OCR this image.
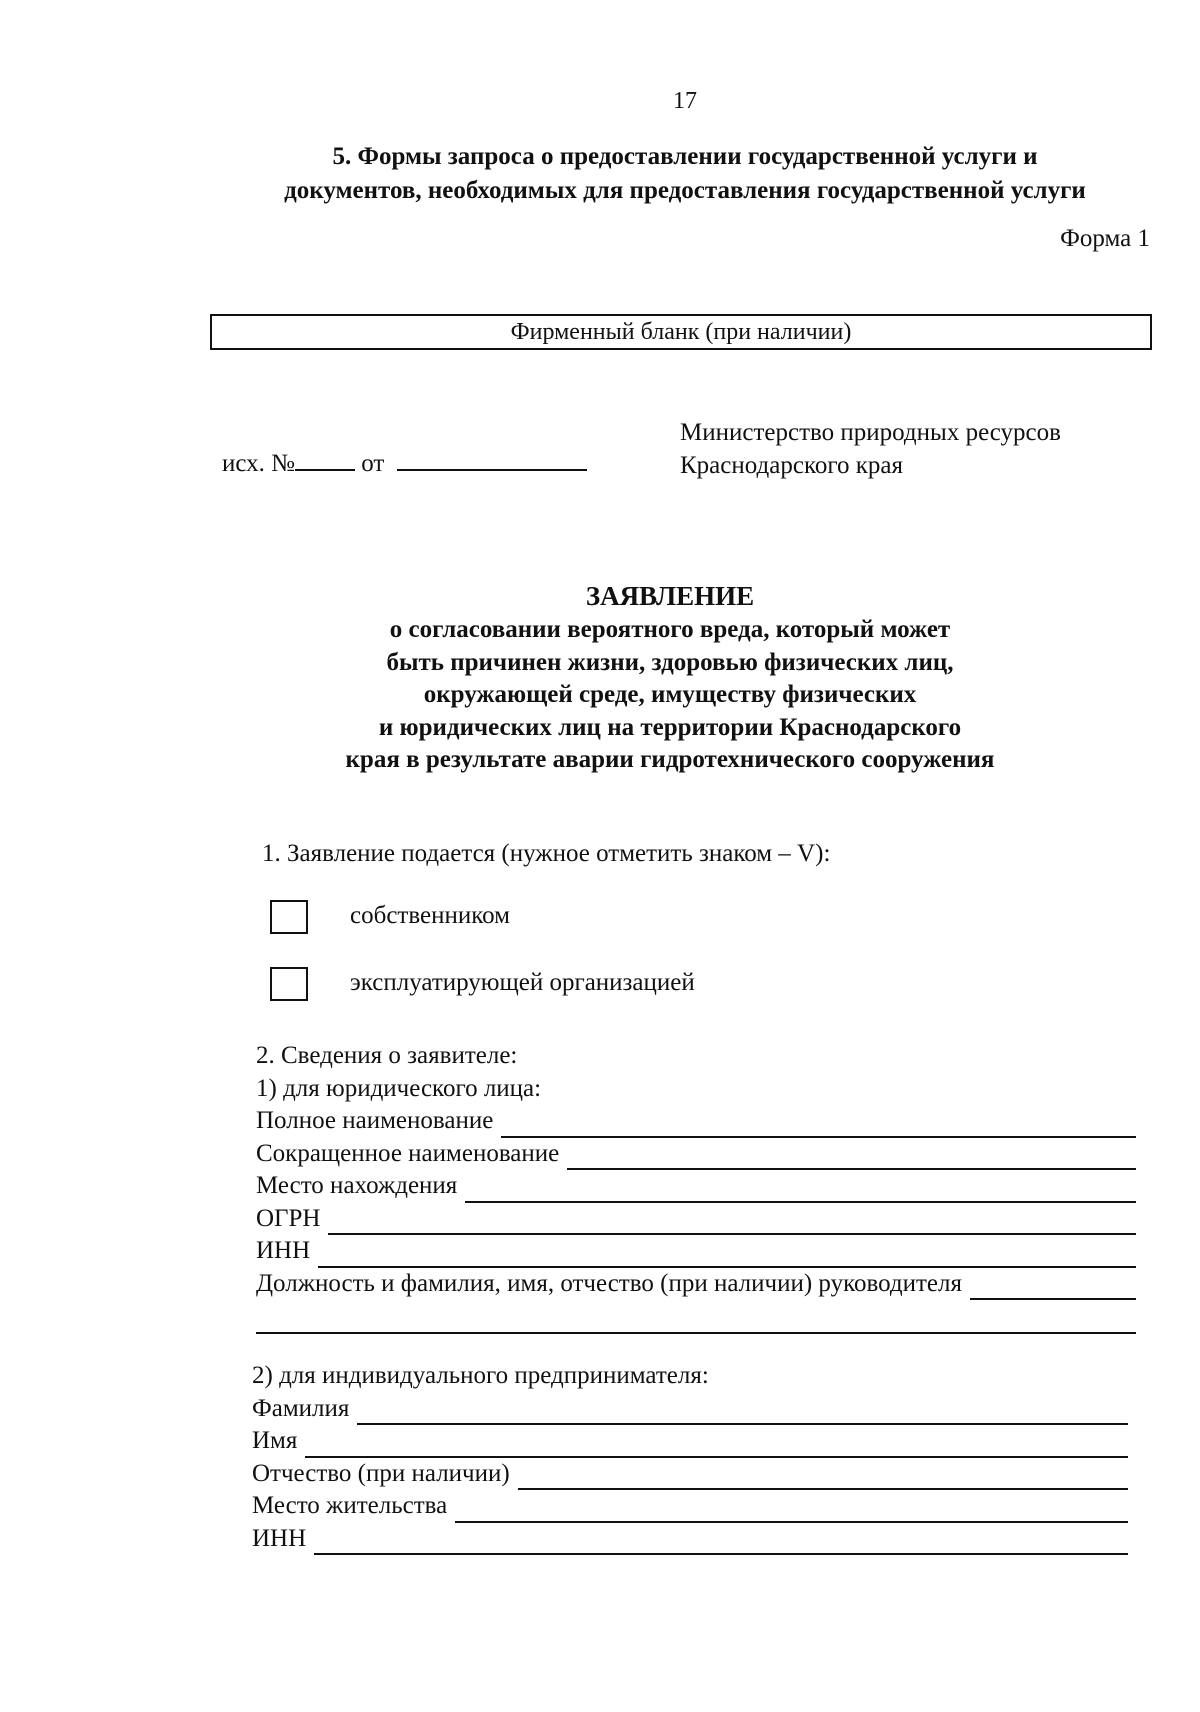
17
5. Формы запроса о предоставлении государственной услуги и
документов, необходимых для предоставления государственной услуги
Форма 1
Фирменный бланк (при наличии)
исх. №	от
Министерство природных ресурсов
Краснодарского края
ЗАЯВЛЕНИЕ
о согласовании вероятного вреда, который может
быть причинен жизни, здоровью физических лиц,
окружающей среде, имуществу физических
и юридических лиц на территории Краснодарского
края в результате аварии гидротехнического сооружения
1. Заявление подается (нужное отметить знаком – V):
собственником
эксплуатирующей организацией
2. Сведения о заявителе:
1) для юридического лица:
Полное наименование
Сокращенное наименование
Место нахождения
ОГРН
ИНН
Должность и фамилия, имя, отчество (при наличии) руководителя
2) для индивидуального предпринимателя:
Фамилия
Имя
Отчество (при наличии)
Место жительства
ИНН
